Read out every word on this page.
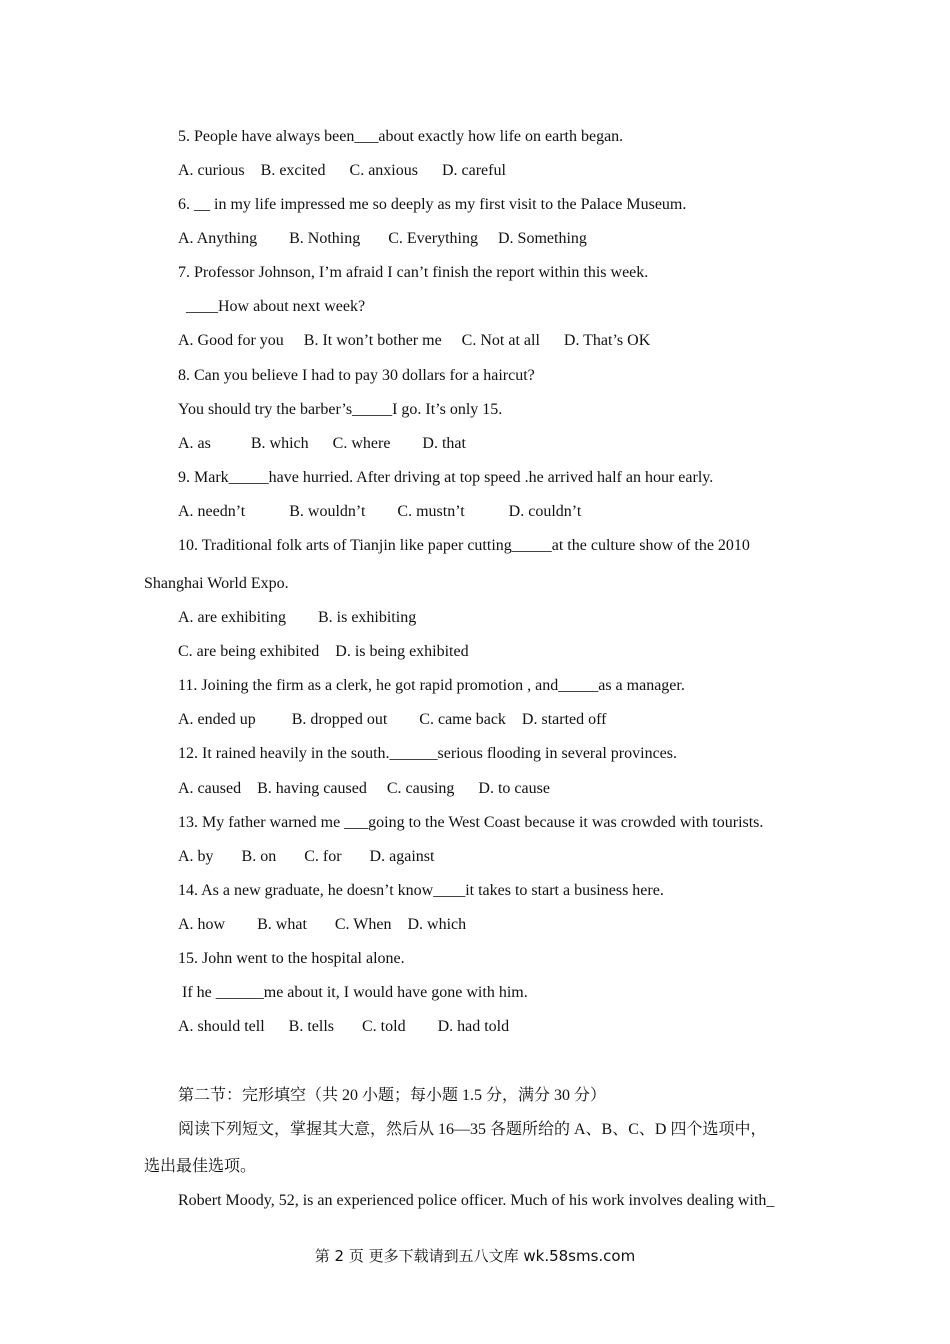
5. People have always been___about exactly how life on earth began.
A. curious    B. excited      C. anxious      D. careful
6. __ in my life impressed me so deeply as my first visit to the Palace Museum.
A. Anything        B. Nothing       C. Everything     D. Something
7. Professor Johnson, I’m afraid I can’t finish the report within this week.
____How about next week?
A. Good for you     B. It won’t bother me     C. Not at all      D. That’s OK
8. Can you believe I had to pay 30 dollars for a haircut?
You should try the barber’s_____I go. It’s only 15.
A. as          B. which      C. where        D. that
9. Mark_____have hurried. After driving at top speed .he arrived half an hour early.
A. needn’t           B. wouldn’t        C. mustn’t           D. couldn’t
10. Traditional folk arts of Tianjin like paper cutting_____at the culture show of the 2010
Shanghai World Expo.
A. are exhibiting        B. is exhibiting
C. are being exhibited    D. is being exhibited
11. Joining the firm as a clerk, he got rapid promotion , and_____as a manager.
A. ended up         B. dropped out        C. came back    D. started off
12. It rained heavily in the south.______serious flooding in several provinces.
A. caused    B. having caused     C. causing      D. to cause
13. My father warned me ___going to the West Coast because it was crowded with tourists.
A. by       B. on       C. for       D. against
14. As a new graduate, he doesn’t know____it takes to start a business here.
A. how        B. what       C. When    D. which
15. John went to the hospital alone.
If he ______me about it, I would have gone with him.
A. should tell      B. tells       C. told        D. had told
第二节：完形填空（共 20 小题；每小题 1.5 分，满分 30 分）
阅读下列短文，掌握其大意，然后从 16—35 各题所给的 A、B、C、D 四个选项中，
选出最佳选项。
Robert Moody, 52, is an experienced police officer. Much of his work involves dealing with_
第 2 页 更多下载请到五八文库 wk.58sms.com
